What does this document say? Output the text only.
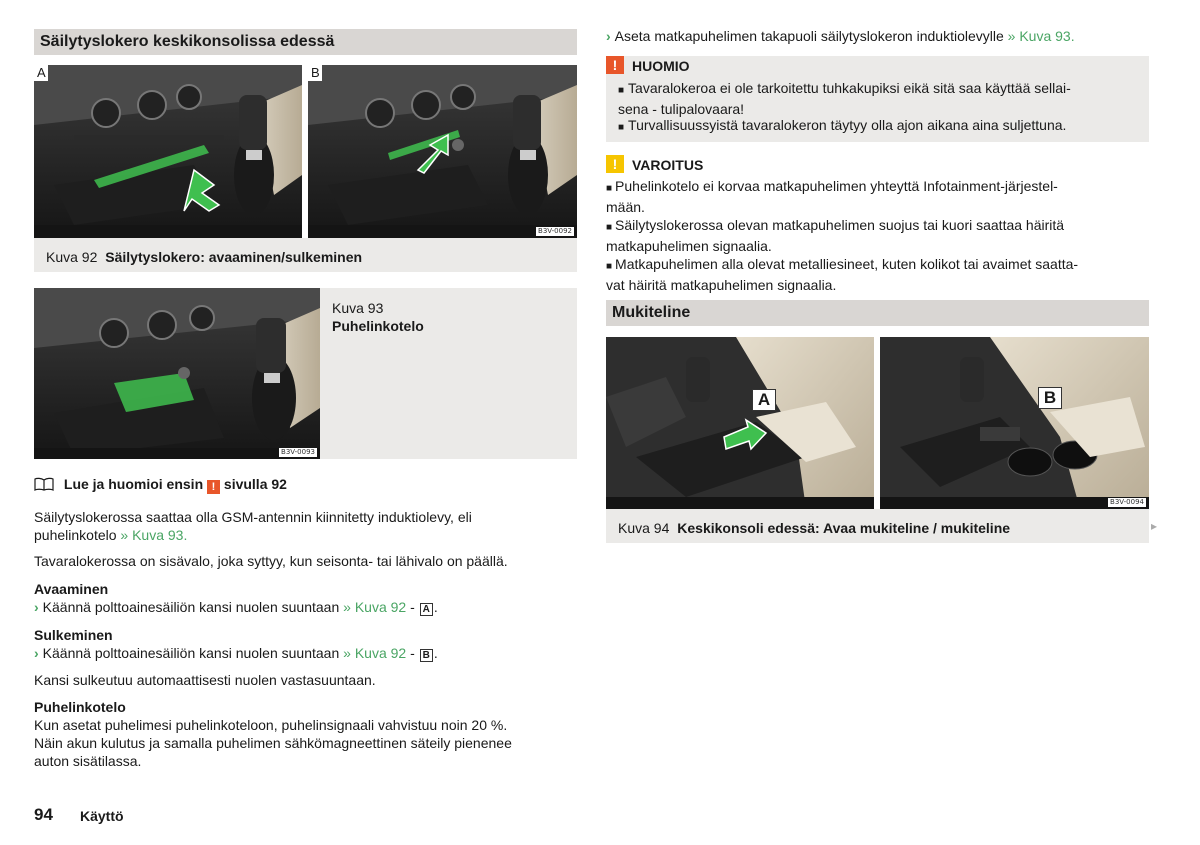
Säilytyslokero keskikonsolissa edessä
A	B
B3V-0092
Kuva 92 Säilytyslokero: avaaminen/sulkeminen
B3V-0093
Kuva 93
Puhelinkotelo
Lue ja huomioi ensin ! sivulla 92
Säilytyslokerossa saattaa olla GSM-antennin kiinnitetty induktiolevy, eli puhelinkotelo » Kuva 93.
Tavaralokerossa on sisävalo, joka syttyy, kun seisonta- tai lähivalo on päällä.
Avaaminen
› Käännä polttoainesäiliön kansi nuolen suuntaan » Kuva 92 - A .
Sulkeminen
› Käännä polttoainesäiliön kansi nuolen suuntaan » Kuva 92 - B .
Kansi sulkeutuu automaattisesti nuolen vastasuuntaan.
Puhelinkotelo
Kun asetat puhelimesi puhelinkoteloon, puhelinsignaali vahvistuu noin 20 %.
Näin akun kulutus ja samalla puhelimen sähkömagneettinen säteily pienenee
auton sisätilassa.
94 Käyttö
› Aseta matkapuhelimen takapuoli säilytyslokeron induktiolevylle » Kuva 93.
!	HUOMIO
■ Tavaralokeroa ei ole tarkoitettu tuhkakupiksi eikä sitä saa käyttää sellai-
sena - tulipalovaara!
■ Turvallisuussyistä tavaralokeron täytyy olla ajon aikana aina suljettuna.
!	VAROITUS
■ Puhelinkotelo ei korvaa matkapuhelimen yhteyttä Infotainment-järjestel-
mään.
■ Säilytyslokerossa olevan matkapuhelimen suojus tai kuori saattaa häiritä
matkapuhelimen signaalia.
■ Matkapuhelimen alla olevat metalliesineet, kuten kolikot tai avaimet saatta-
vat häiritä matkapuhelimen signaalia.
Mukiteline
A	B
B3V-0094
Kuva 94 Keskikonsoli edessä: Avaa mukiteline / mukiteline	▸
